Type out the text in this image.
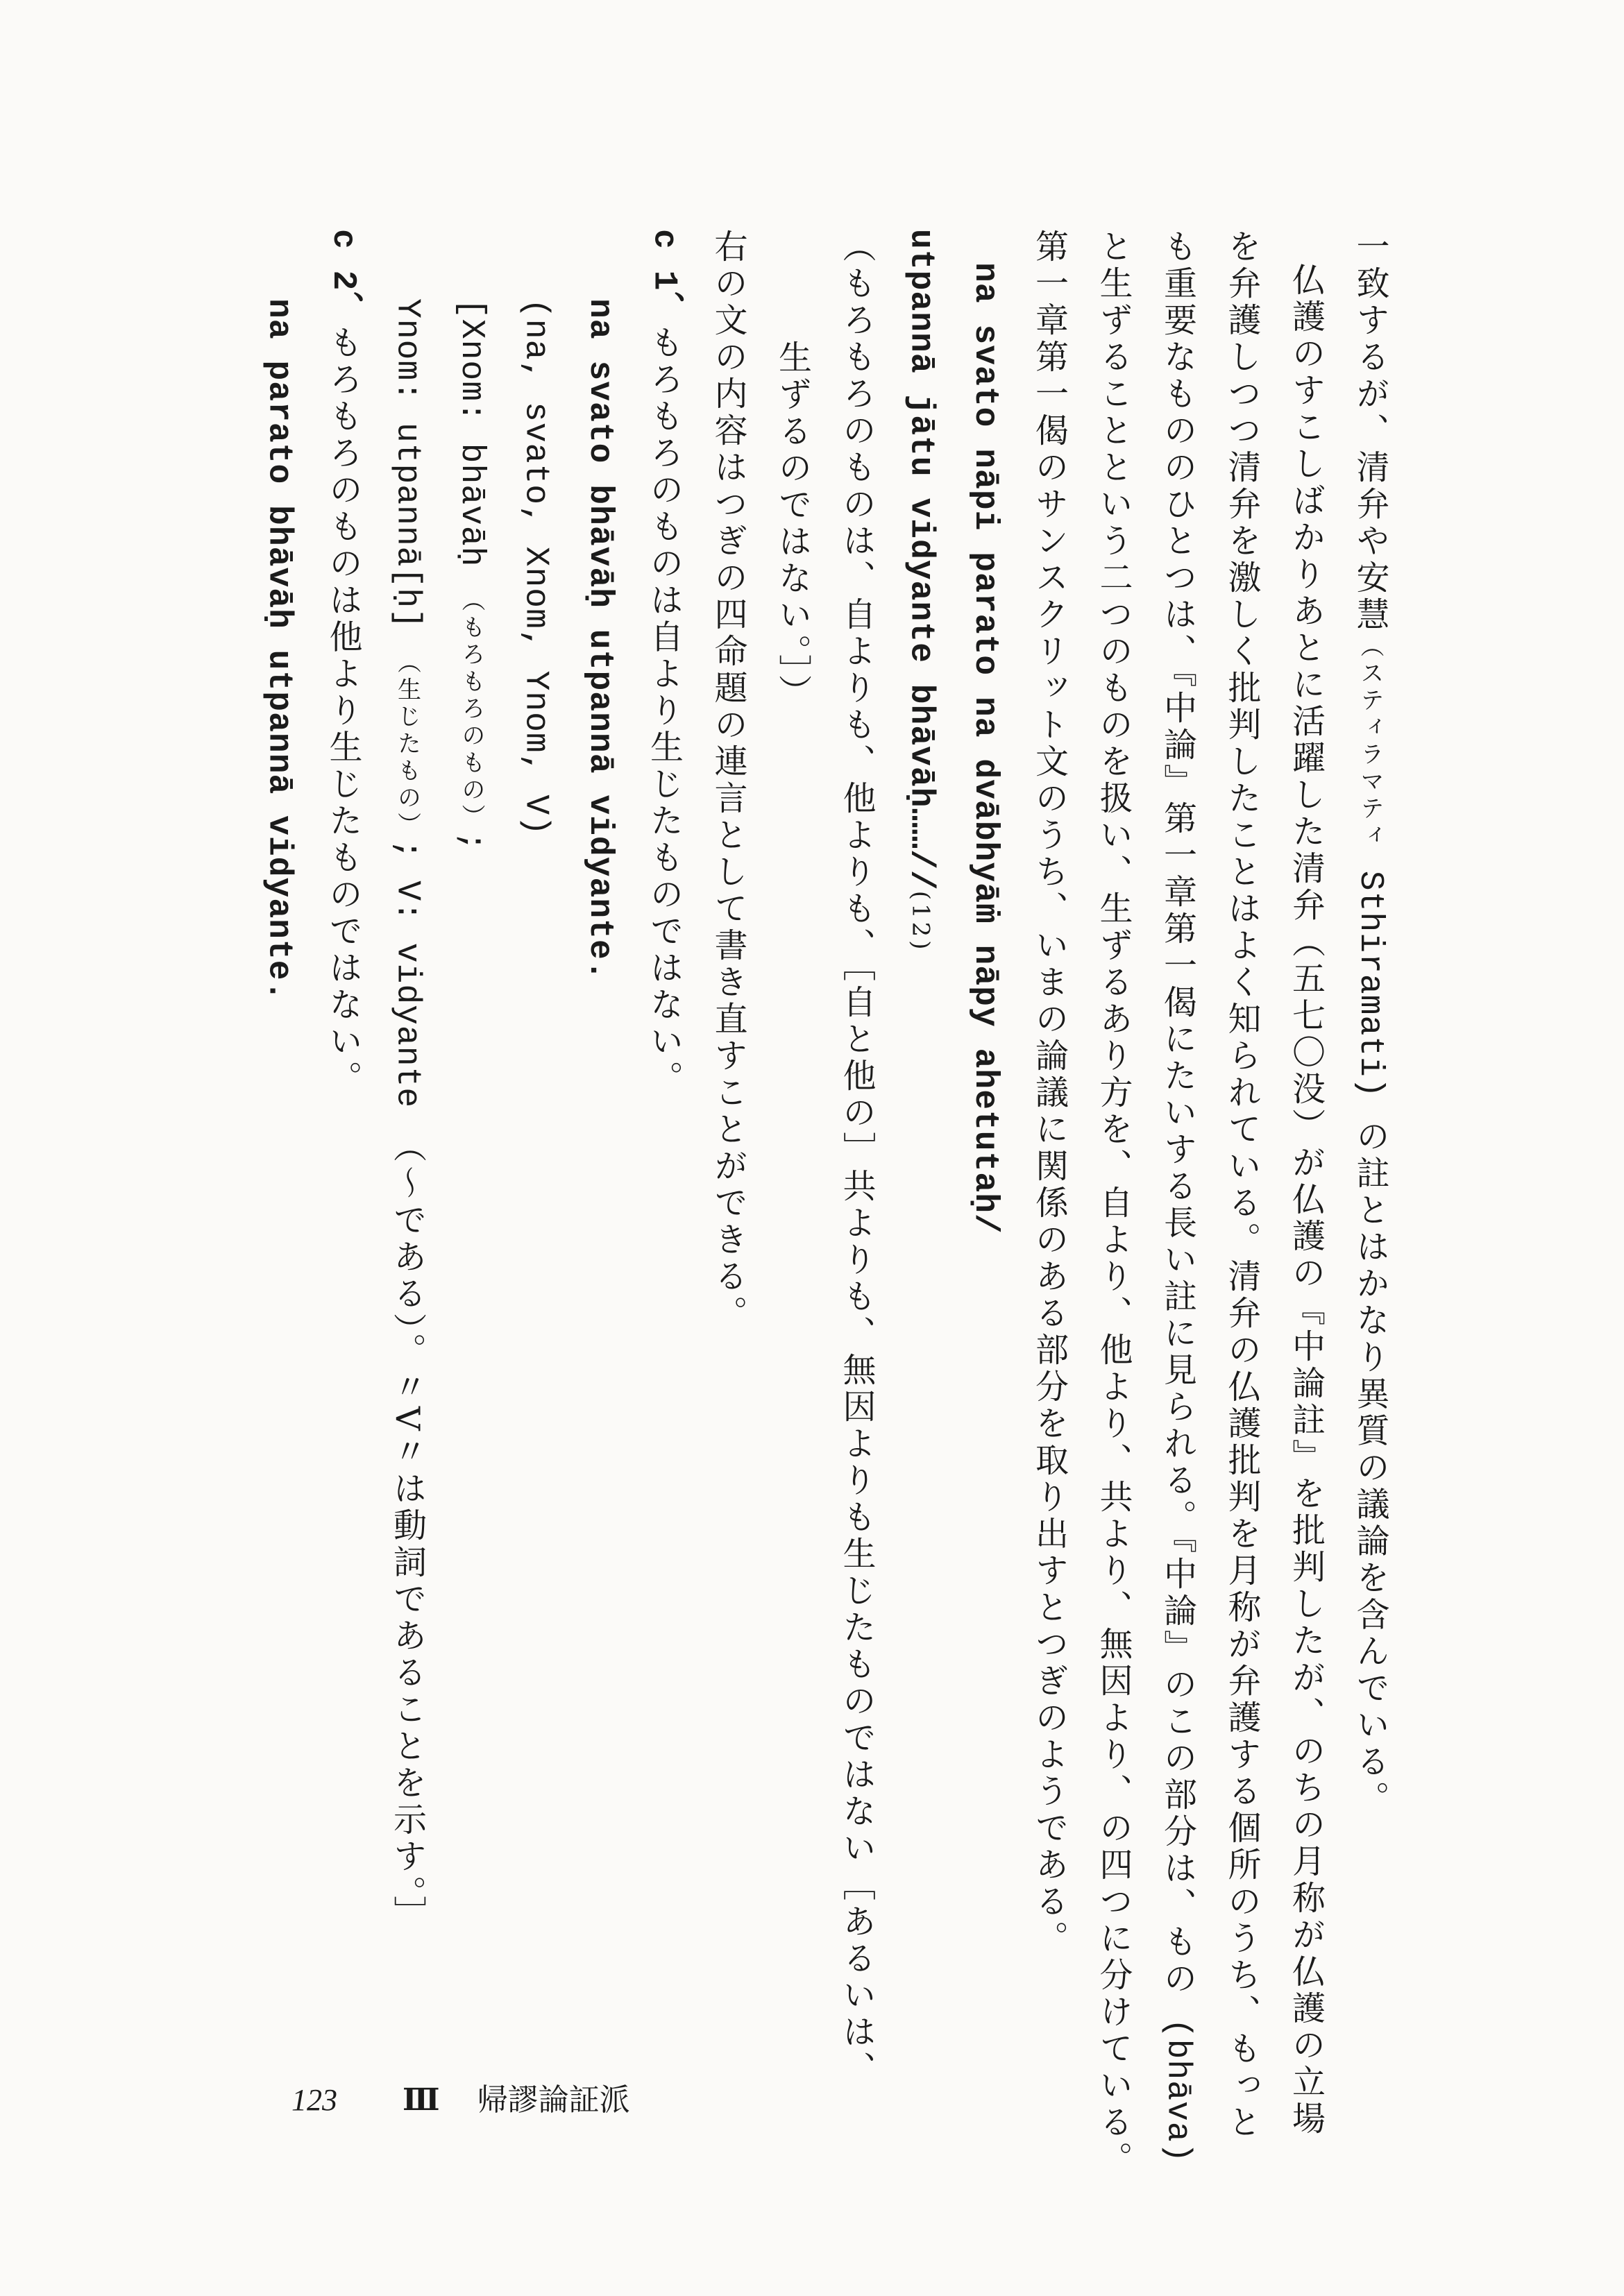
一致するが、清弁や安慧（スティラマティ Sthiramati) の註とはかなり異質の議論を含んでいる。
仏護のすこしばかりあとに活躍した清弁（五七〇没）が仏護の『中論註』を批判したが、のちの月称が仏護の立場
を弁護しつつ清弁を激しく批判したことはよく知られている。清弁の仏護批判を月称が弁護する個所のうち、もっと
も重要なもののひとつは、『中論』第一章第一偈にたいする長い註に見られる。『中論』のこの部分は、もの (bhāva)
と生ずることという二つのものを扱い、生ずるあり方を、自より、他より、共より、無因より、の四つに分けている。
第一章第一偈のサンスクリット文のうち、いまの論議に関係のある部分を取り出すとつぎのようである。
na svato nāpi parato na dvābhyāṁ nāpy ahetutaḥ/
utpannā jātu vidyante bhāvāḥ……//(12)
（もろもろのものは、自よりも、他よりも、［自と他の］共よりも、無因よりも生じたものではない［あるいは、
生ずるのではない。］）
右の文の内容はつぎの四命題の連言として書き直すことができる。
c 1、もろもろのものは自より生じたものではない。
na svato bhāvāḥ utpannā vidyante.
(na, svato, Xnom, Ynom, V)
[Xnom: bhāvāḥ （もろもろのもの）;
Ynom: utpannā[ḥ] （生じたもの）; V: vidyante （〜である）。〃V〃は動詞であることを示す。］
c 2、もろもろのものは他より生じたものではない。
na parato bhāvāḥ utpannā vidyante.
123 Ⅲ 帰謬論証派
